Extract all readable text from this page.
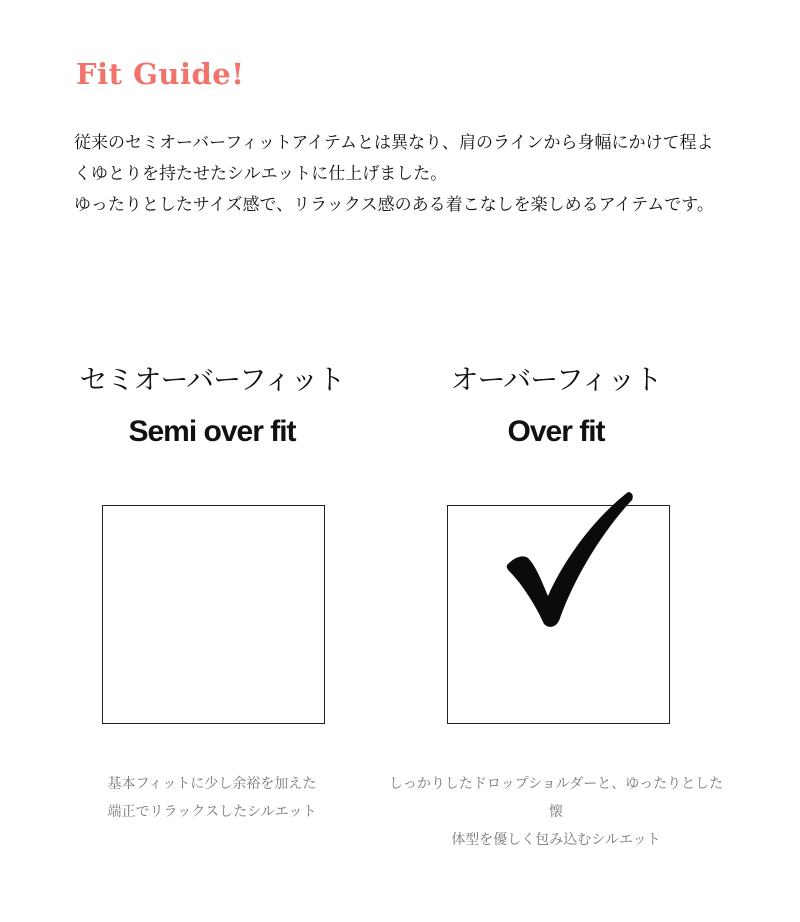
Fit Guide!

従来のセミオーバーフィットアイテムとは異なり、肩のラインから身幅にかけて程よ

くゆとりを持たせたシルエットに仕上げました。

ゆったりとしたサイズ感で、リラックス感のある着こなしを楽しめるアイテムです。

セミオーバーフィット
Semi over fit
オーバーフィット
Over fit

基本フィットに少し余裕を加えた

端正でリラックスしたシルエット

しっかりしたドロップショルダーと、ゆったりとした懐

体型を優しく包み込むシルエット
